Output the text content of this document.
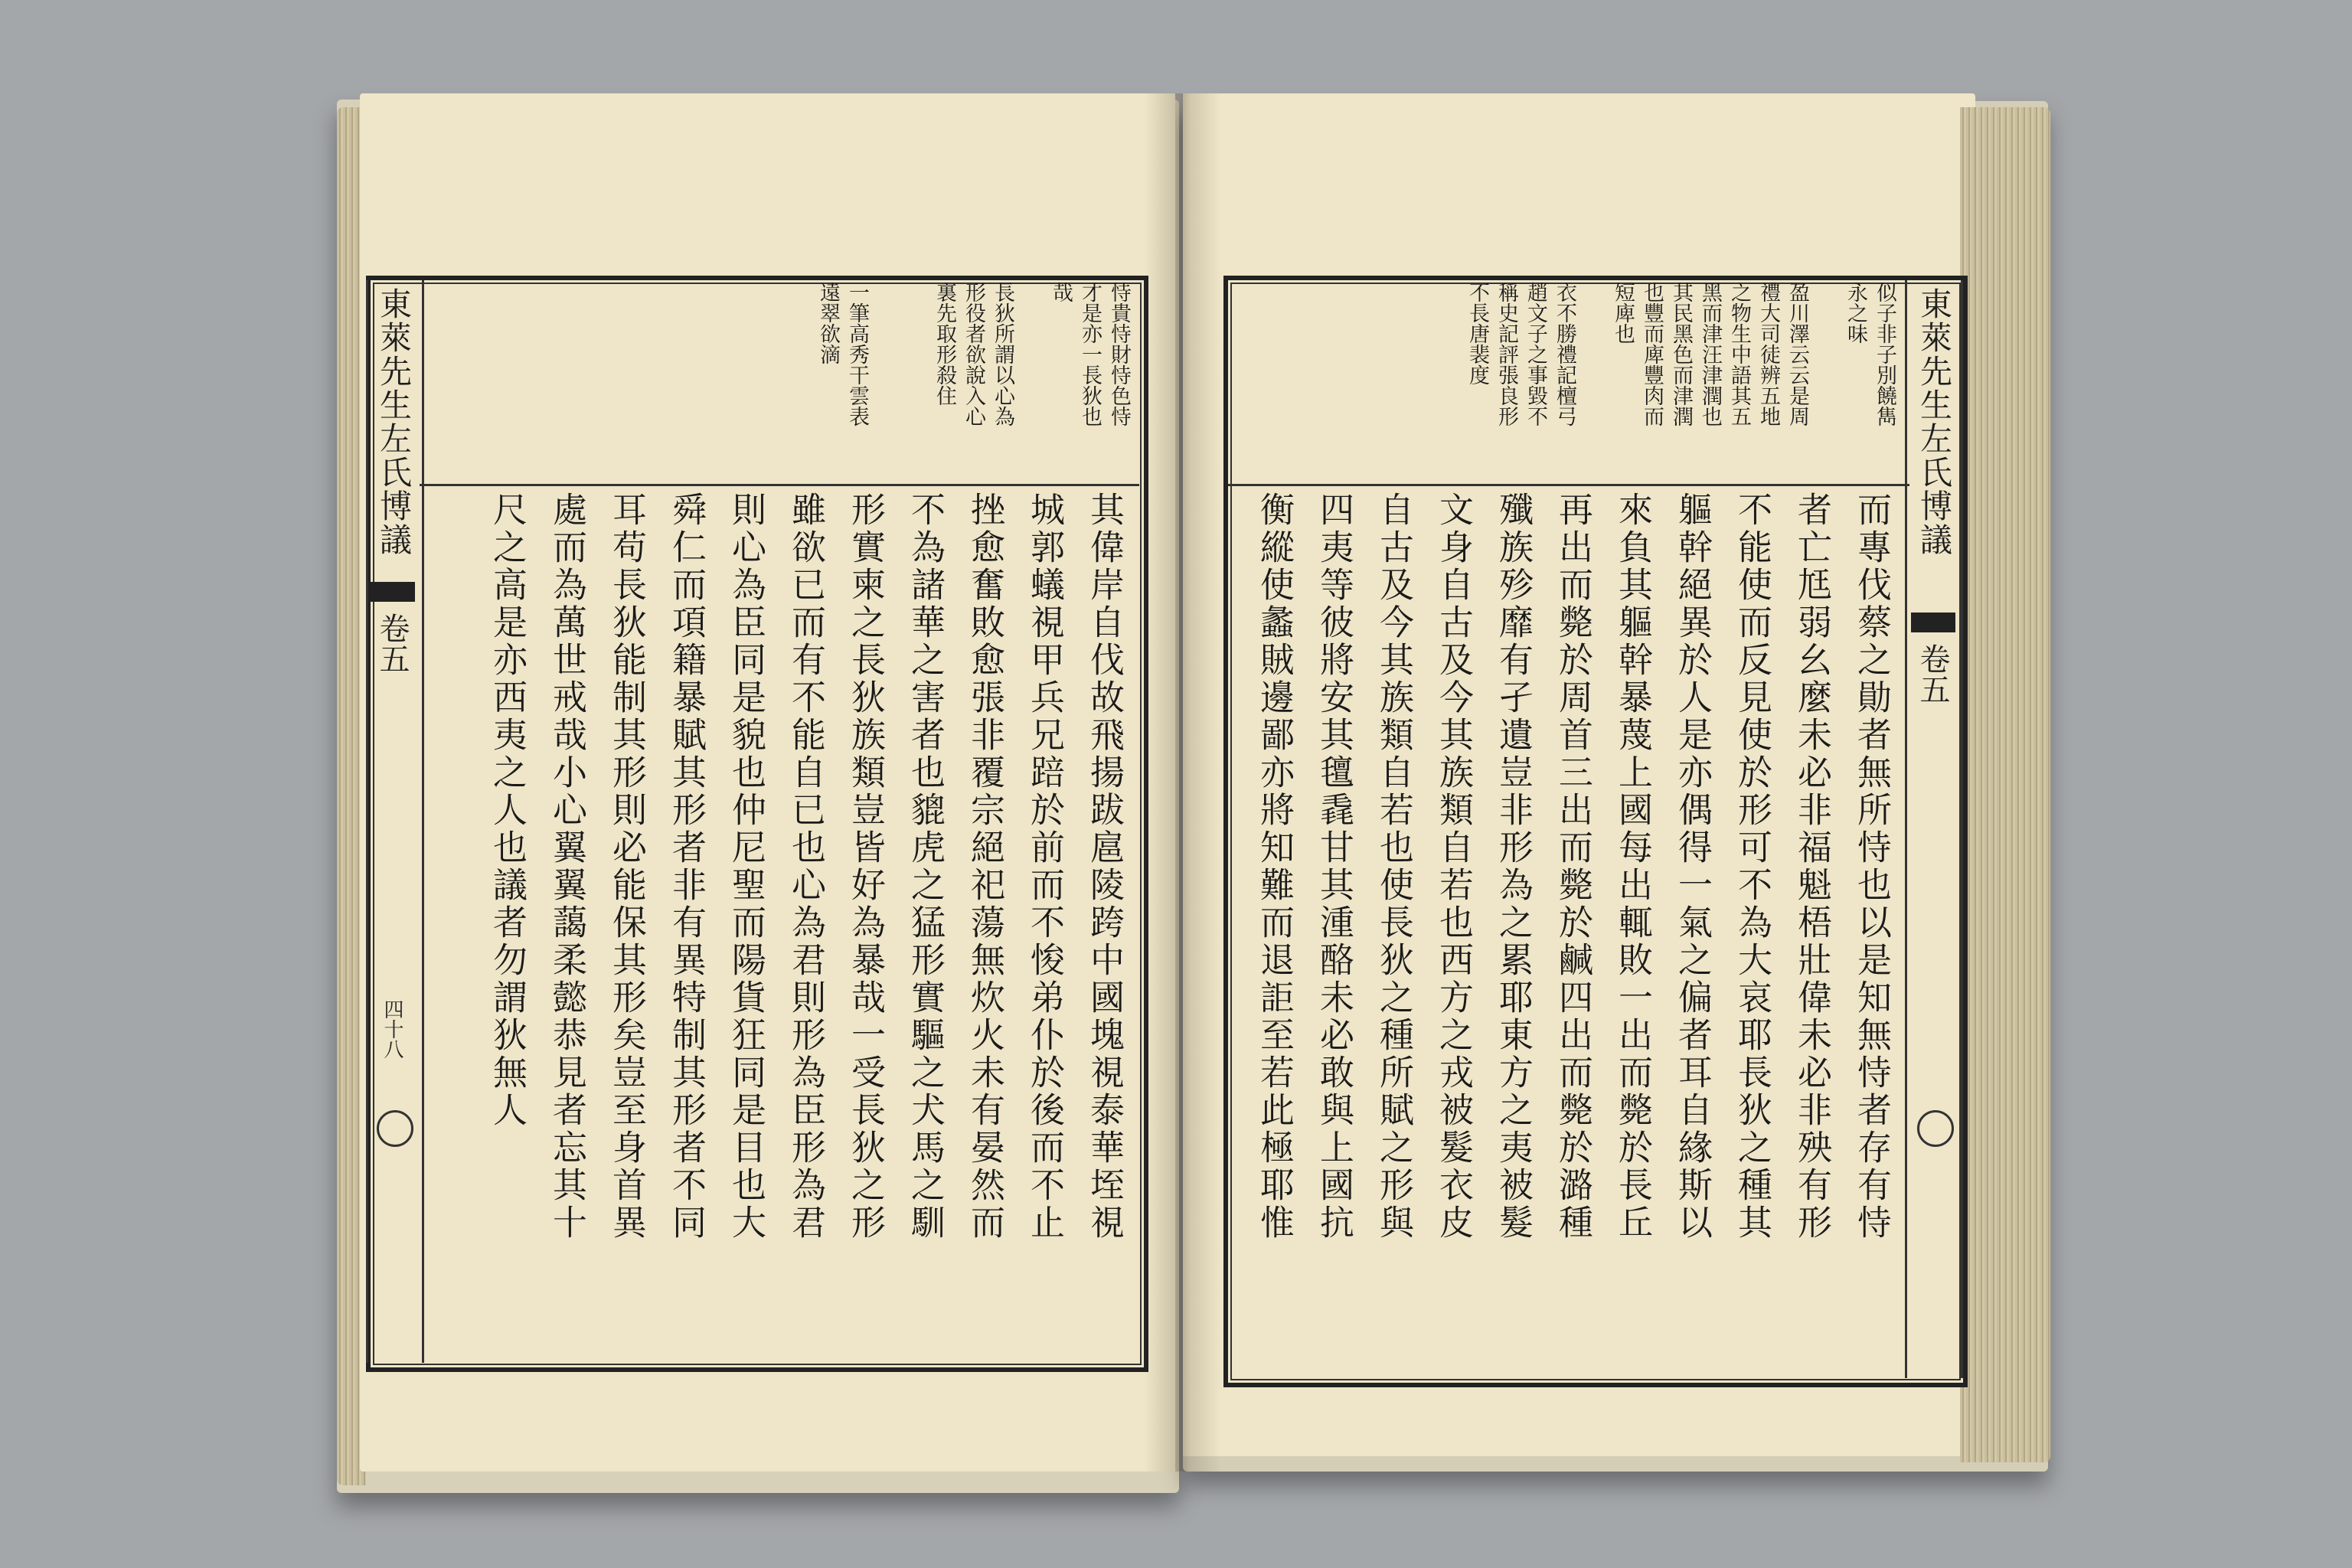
東萊先生左氏博議
卷五
四十八
恃貴恃財恃色恃
才是亦一長狄也
哉
長狄所謂以心為
形役者欲說入心
裏先取形殺住
一筆高秀干雲表
遠翠欲滴
其偉岸自伐故飛揚跋扈陵跨中國塊視泰華垤視
城郭蟻視甲兵兄踣於前而不悛弟仆於後而不止
挫愈奮敗愈張非覆宗絕祀蕩無炊火未有晏然而
不為諸華之害者也貔虎之猛形實驅之犬馬之馴
形實柬之長狄族類豈皆好為暴哉一受長狄之形
雖欲已而有不能自已也心為君則形為臣形為君
則心為臣同是貌也仲尼聖而陽貨狂同是目也大
舜仁而項籍暴賦其形者非有異特制其形者不同
耳苟長狄能制其形則必能保其形矣豈至身首異
處而為萬世戒哉小心翼翼藹柔懿恭見者忘其十
尺之高是亦西夷之人也議者勿謂狄無人
東萊先生左氏博議
卷五
似子非子別饒雋
永之味
盈川澤云云是周
禮大司徒辨五地
之物生中語其五
黑而津汪津潤也
其民黑色而津潤
也豐而庳豐肉而
短庳也
衣不勝禮記檀弓
趙文子之事毀不
稱史記評張良形
不長唐裴度
而專伐蔡之勛者無所恃也以是知無恃者存有恃
者亡尪弱幺麼未必非福魁梧壯偉未必非殃有形
不能使而反見使於形可不為大哀耶長狄之種其
軀幹絕異於人是亦偶得一氣之偏者耳自緣斯以
來負其軀幹暴蔑上國每出輒敗一出而斃於長丘
再出而斃於周首三出而斃於鹹四出而斃於潞種
殲族殄靡有孑遺豈非形為之累耶東方之夷被髮
文身自古及今其族類自若也西方之戎被髮衣皮
自古及今其族類自若也使長狄之種所賦之形與
四夷等彼將安其氊毳甘其湩酪未必敢與上國抗
衡縱使蠡賊邊鄙亦將知難而退詎至若此極耶惟
